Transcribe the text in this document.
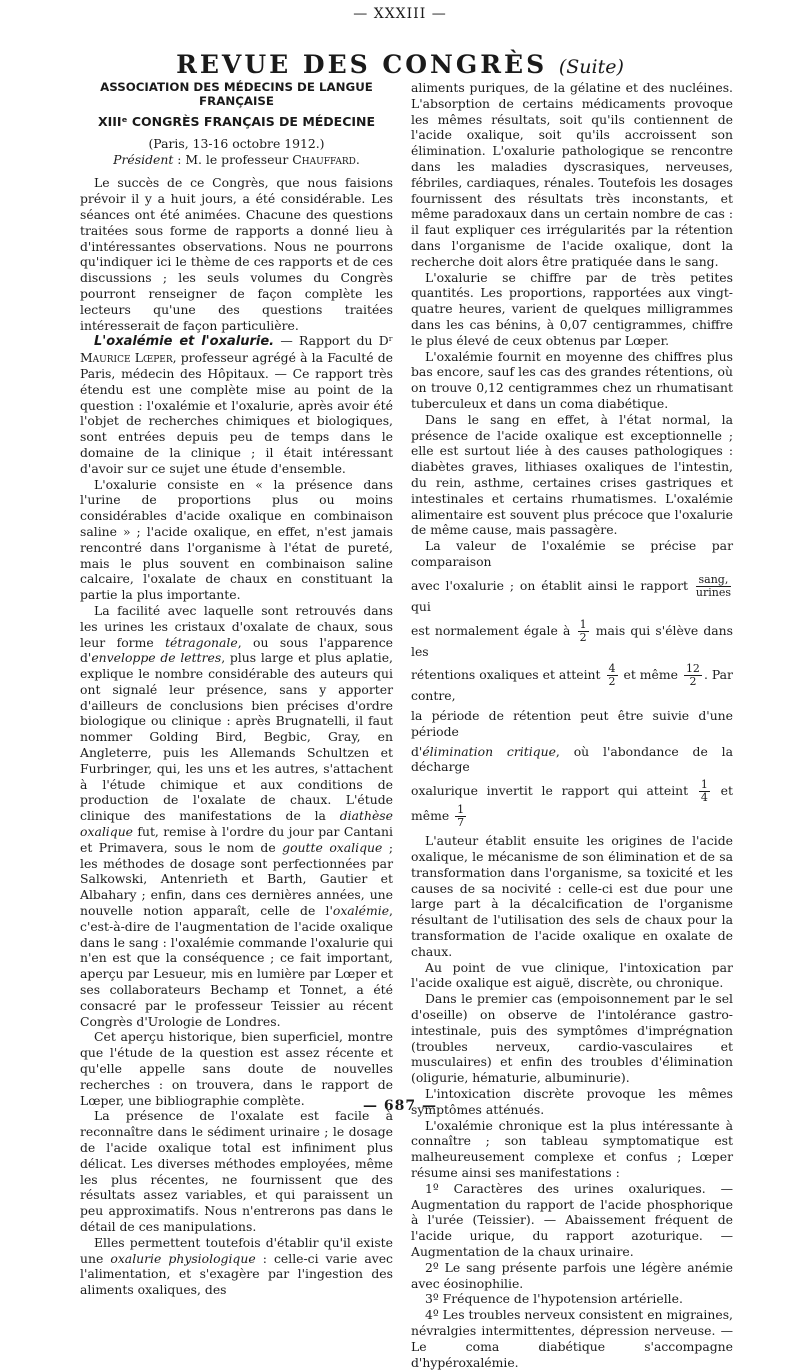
— XXXIII —
REVUE DES CONGRÈS (Suite)
ASSOCIATION DES MÉDECINS DE LANGUE FRANÇAISE
XIIIᵉ CONGRÈS FRANÇAIS DE MÉDECINE

(Paris, 13-16 octobre 1912.)

Président : M. le professeur Chauffard.

Le succès de ce Congrès, que nous faisions prévoir il y a huit jours, a été considérable. Les séances ont été animées. Chacune des questions traitées sous forme de rapports a donné lieu à d'intéressantes observations. Nous ne pourrons qu'indiquer ici le thème de ces rapports et de ces discussions ; les seuls volumes du Congrès pourront renseigner de façon complète les lecteurs qu'une des questions traitées intéresserait de façon particulière.

L'oxalémie et l'oxalurie. — Rapport du Dʳ Maurice Lœper, professeur agrégé à la Faculté de Paris, médecin des Hôpitaux. — Ce rapport très étendu est une complète mise au point de la question : l'oxalémie et l'oxalurie, après avoir été l'objet de recherches chimiques et biologiques, sont entrées depuis peu de temps dans le domaine de la clinique ; il était intéressant d'avoir sur ce sujet une étude d'ensemble.

L'oxalurie consiste en « la présence dans l'urine de proportions plus ou moins considérables d'acide oxalique en combinaison saline » ; l'acide oxalique, en effet, n'est jamais rencontré dans l'organisme à l'état de pureté, mais le plus souvent en combinaison saline calcaire, l'oxalate de chaux en constituant la partie la plus importante.

La facilité avec laquelle sont retrouvés dans les urines les cristaux d'oxalate de chaux, sous leur forme tétragonale, ou sous l'apparence d'enveloppe de lettres, plus large et plus aplatie, explique le nombre considérable des auteurs qui ont signalé leur présence, sans y apporter d'ailleurs de conclusions bien précises d'ordre biologique ou clinique : après Brugnatelli, il faut nommer Golding Bird, Begbic, Gray, en Angleterre, puis les Allemands Schultzen et Furbringer, qui, les uns et les autres, s'attachent à l'étude chimique et aux conditions de production de l'oxalate de chaux. L'étude clinique des manifestations de la diathèse oxalique fut, remise à l'ordre du jour par Cantani et Primavera, sous le nom de goutte oxalique ; les méthodes de dosage sont perfectionnées par Salkowski, Antenrieth et Barth, Gautier et Albahary ; enfin, dans ces dernières années, une nouvelle notion apparaît, celle de l'oxalémie, c'est-à-dire de l'augmentation de l'acide oxalique dans le sang : l'oxalémie commande l'oxalurie qui n'en est que la conséquence ; ce fait important, aperçu par Lesueur, mis en lumière par Lœper et ses collaborateurs Bechamp et Tonnet, a été consacré par le professeur Teissier au récent Congrès d'Urologie de Londres.

Cet aperçu historique, bien superficiel, montre que l'étude de la question est assez récente et qu'elle appelle sans doute de nouvelles recherches : on trouvera, dans le rapport de Lœper, une bibliographie complète.

La présence de l'oxalate est facile à reconnaître dans le sédiment urinaire ; le dosage de l'acide oxalique total est infiniment plus délicat. Les diverses méthodes employées, même les plus récentes, ne fournissent que des résultats assez variables, et qui paraissent un peu approximatifs. Nous n'entrerons pas dans le détail de ces manipulations.

Elles permettent toutefois d'établir qu'il existe une oxalurie physiologique : celle-ci varie avec l'alimentation, et s'exagère par l'ingestion des aliments oxaliques, des

aliments puriques, de la gélatine et des nucléines. L'absorption de certains médicaments provoque les mêmes résultats, soit qu'ils contiennent de l'acide oxalique, soit qu'ils accroissent son élimination. L'oxalurie pathologique se rencontre dans les maladies dyscrasiques, nerveuses, fébriles, cardiaques, rénales. Toutefois les dosages fournissent des résultats très inconstants, et même paradoxaux dans un certain nombre de cas : il faut expliquer ces irrégularités par la rétention dans l'organisme de l'acide oxalique, dont la recherche doit alors être pratiquée dans le sang.

L'oxalurie se chiffre par de très petites quantités. Les proportions, rapportées aux vingt-quatre heures, varient de quelques milligrammes dans les cas bénins, à 0,07 centigrammes, chiffre le plus élevé de ceux obtenus par Lœper.

L'oxalémie fournit en moyenne des chiffres plus bas encore, sauf les cas des grandes rétentions, où on trouve 0,12 centigrammes chez un rhumatisant tuberculeux et dans un coma diabétique.

Dans le sang en effet, à l'état normal, la présence de l'acide oxalique est exceptionnelle ; elle est surtout liée à des causes pathologiques : diabètes graves, lithiases oxaliques de l'intestin, du rein, asthme, certaines crises gastriques et intestinales et certains rhumatismes. L'oxalémie alimentaire est souvent plus précoce que l'oxalurie de même cause, mais passagère.

La valeur de l'oxalémie se précise par comparaison

avec l'oxalurie ; on établit ainsi le rapport $\frac{\text{sang,}}{\text{urines}}$
qui

est normalement égale à $\frac{1}{2}$ mais qui s'élève dans les

rétentions oxaliques et atteint $\frac{4}{2}$ et même $\frac{12}{2}$ . Par contre,

la période de rétention peut être suivie d'une période

d'élimination critique, où l'abondance de la décharge

oxalurique invertit le rapport qui atteint $\frac{1}{4}$ et même $\frac{1}{7}$

L'auteur établit ensuite les origines de l'acide oxalique, le mécanisme de son élimination et de sa transformation dans l'organisme, sa toxicité et les causes de sa nocivité : celle-ci est due pour une large part à la décalcification de l'organisme résultant de l'utilisation des sels de chaux pour la transformation de l'acide oxalique en oxalate de chaux.

Au point de vue clinique, l'intoxication par l'acide oxalique est aiguë, discrète, ou chronique.

Dans le premier cas (empoisonnement par le sel d'oseille) on observe de l'intolérance gastro-intestinale, puis des symptômes d'imprégnation (troubles nerveux, cardio-vasculaires et musculaires) et enfin des troubles d'élimination (oligurie, hématurie, albuminurie).

L'intoxication discrète provoque les mêmes symptômes atténués.

L'oxalémie chronique est la plus intéressante à connaître ; son tableau symptomatique est malheureusement complexe et confus ; Lœper résume ainsi ses manifestations :

1º Caractères des urines oxaluriques. — Augmentation du rapport de l'acide phosphorique à l'urée (Teissier). — Abaissement fréquent de l'acide urique, du rapport azoturique. — Augmentation de la chaux urinaire.

2º Le sang présente parfois une légère anémie avec éosinophilie.

3º Fréquence de l'hypotension artérielle.

4º Les troubles nerveux consistent en migraines, névralgies intermittentes, dépression nerveuse. — Le coma diabétique s'accompagne d'hypéroxalémie.

— 687 —
